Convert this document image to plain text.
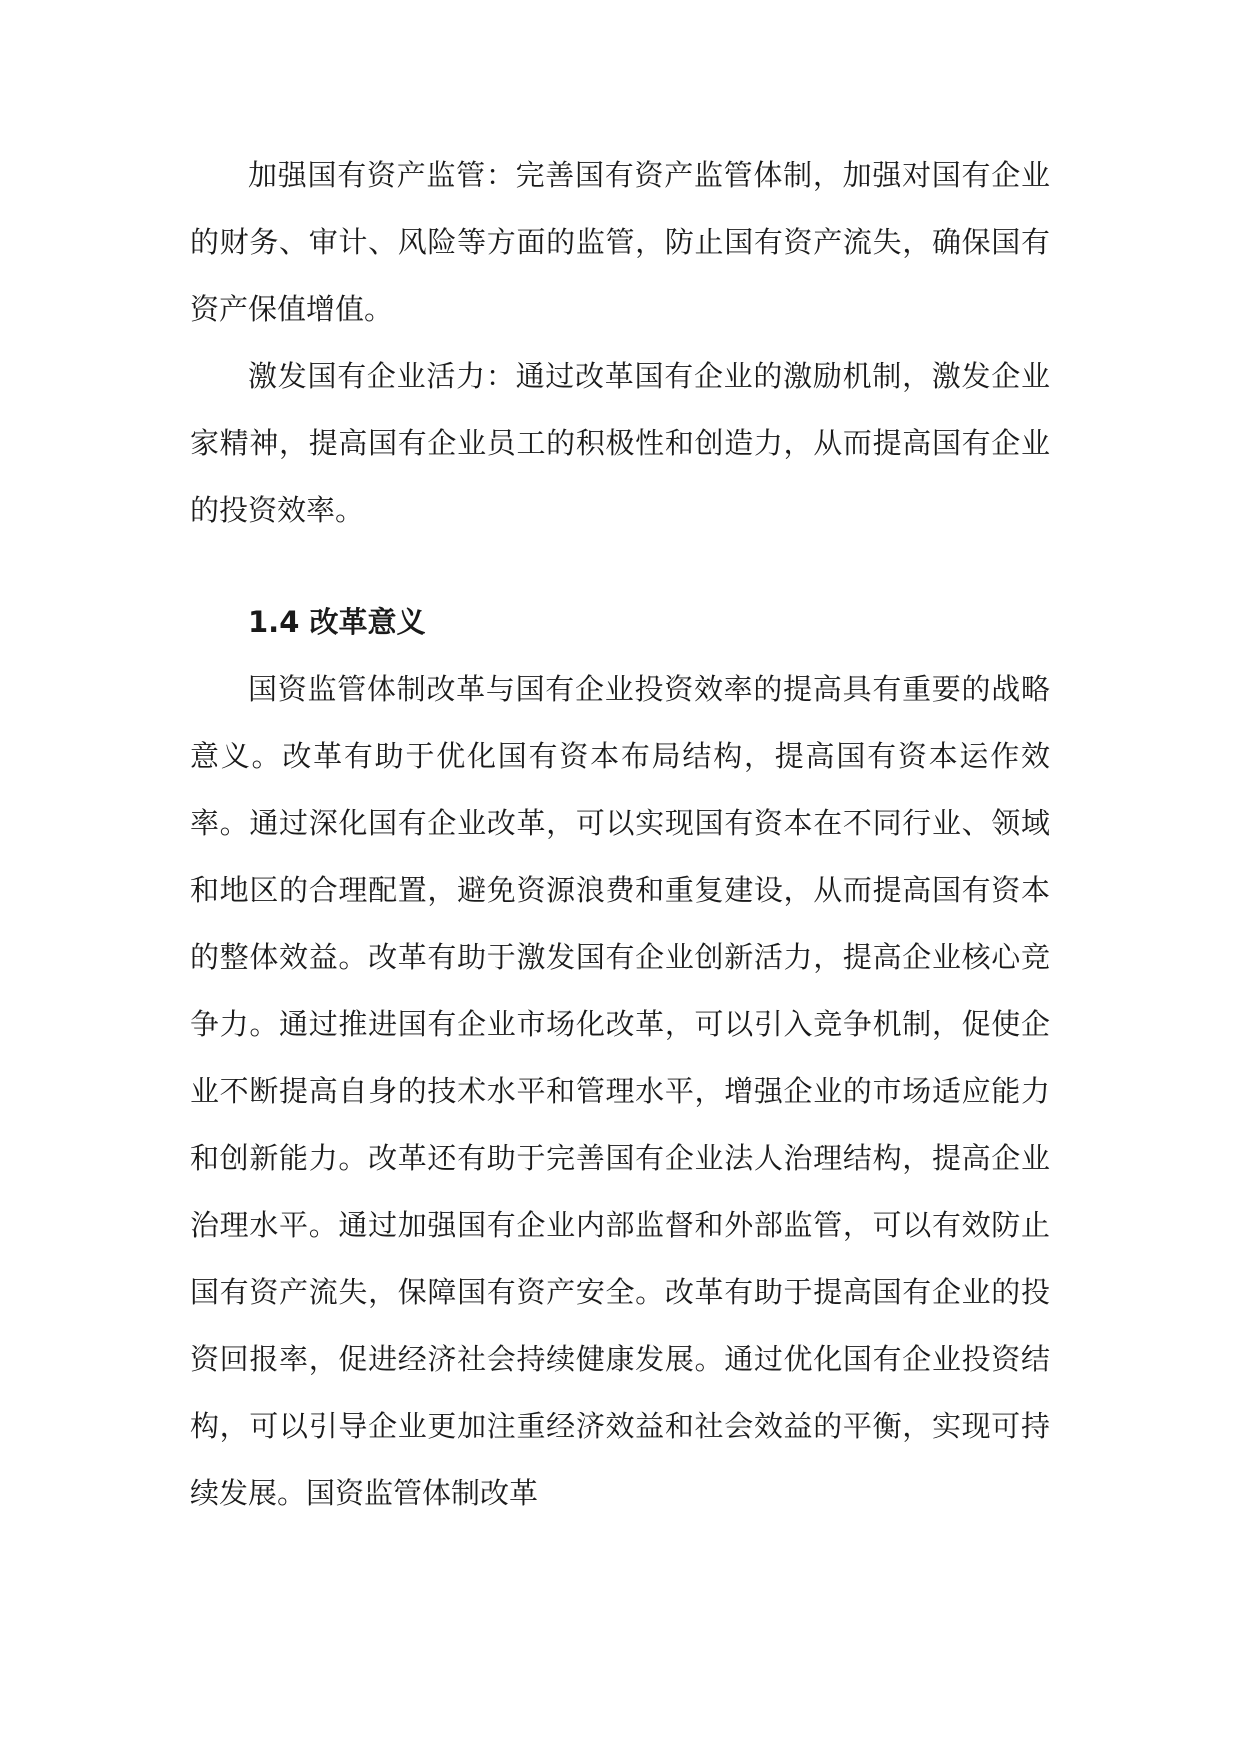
加强国有资产监管：完善国有资产监管体制，加强对国有企业的财务、审计、风险等方面的监管，防止国有资产流失，确保国有资产保值增值。

激发国有企业活力：通过改革国有企业的激励机制，激发企业家精神，提高国有企业员工的积极性和创造力，从而提高国有企业的投资效率。

1.4 改革意义

国资监管体制改革与国有企业投资效率的提高具有重要的战略意义。改革有助于优化国有资本布局结构，提高国有资本运作效率。通过深化国有企业改革，可以实现国有资本在不同行业、领域和地区的合理配置，避免资源浪费和重复建设，从而提高国有资本的整体效益。改革有助于激发国有企业创新活力，提高企业核心竞争力。通过推进国有企业市场化改革，可以引入竞争机制，促使企业不断提高自身的技术水平和管理水平，增强企业的市场适应能力和创新能力。改革还有助于完善国有企业法人治理结构，提高企业治理水平。通过加强国有企业内部监督和外部监管，可以有效防止国有资产流失，保障国有资产安全。改革有助于提高国有企业的投资回报率，促进经济社会持续健康发展。通过优化国有企业投资结构，可以引导企业更加注重经济效益和社会效益的平衡，实现可持续发展。国资监管体制改革
